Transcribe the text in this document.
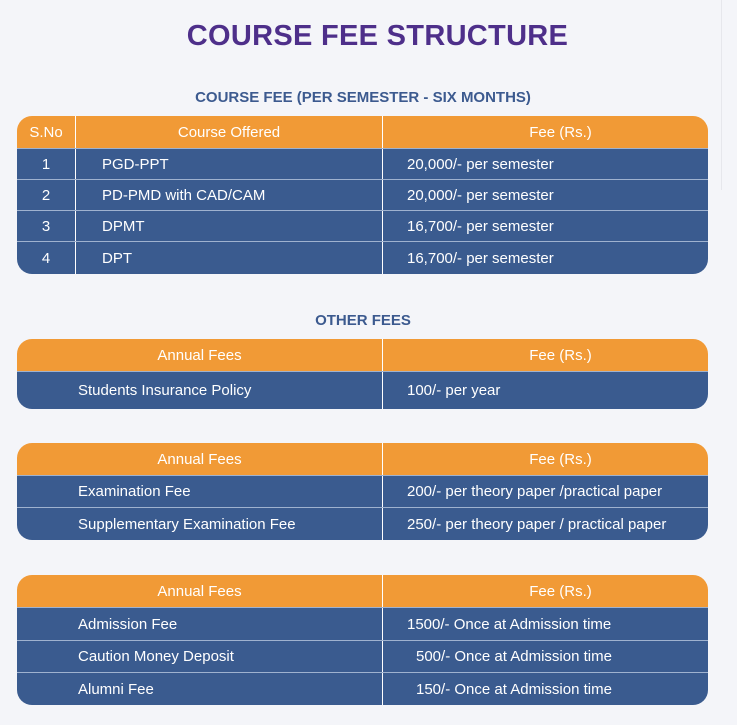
COURSE FEE STRUCTURE
COURSE FEE (PER SEMESTER - SIX MONTHS)
S.No	Course Offered	Fee (Rs.)
1	PGD-PPT	20,000/- per semester
2	PD-PMD with CAD/CAM	20,000/- per semester
3	DPMT	16,700/- per semester
4	DPT	16,700/- per semester
OTHER FEES
Annual Fees	Fee (Rs.)
Students Insurance Policy	100/- per year
Annual Fees	Fee (Rs.)
Examination Fee	200/- per theory paper /practical paper
Supplementary Examination Fee	250/- per theory paper / practical paper
Annual Fees	Fee (Rs.)
Admission Fee	1500/- Once at Admission time
Caution Money Deposit	500/- Once at Admission time
Alumni Fee	150/- Once at Admission time
